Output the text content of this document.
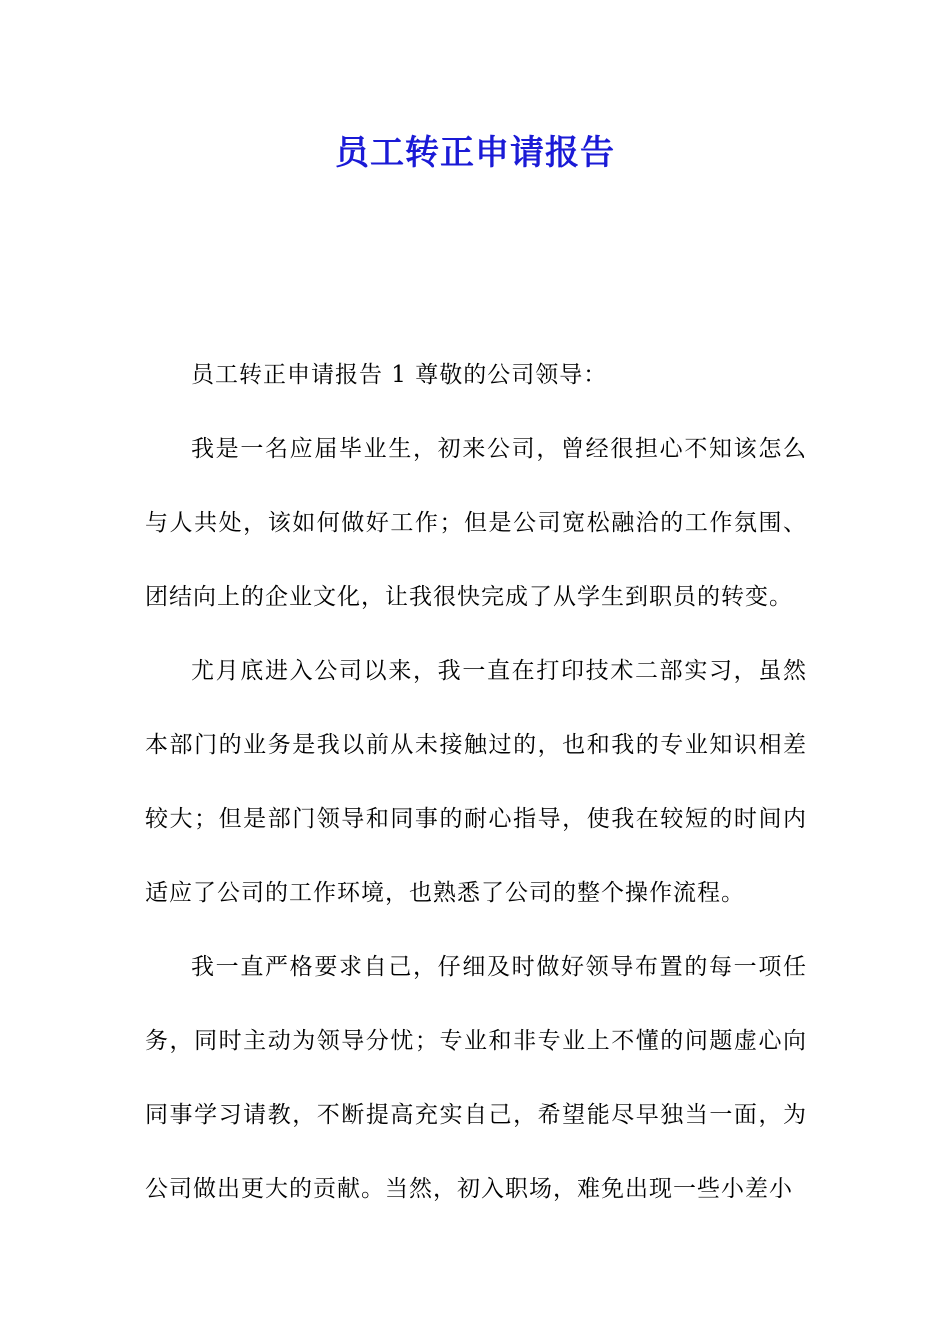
员工转正申请报告

员工转正申请报告 1 尊敬的公司领导：

我是一名应届毕业生，初来公司，曾经很担心不知该怎么与人共处，该如何做好工作；但是公司宽松融洽的工作氛围、团结向上的企业文化，让我很快完成了从学生到职员的转变。

尤月底进入公司以来，我一直在打印技术二部实习，虽然本部门的业务是我以前从未接触过的，也和我的专业知识相差较大；但是部门领导和同事的耐心指导，使我在较短的时间内适应了公司的工作环境，也熟悉了公司的整个操作流程。

我一直严格要求自己，仔细及时做好领导布置的每一项任务，同时主动为领导分忧；专业和非专业上不懂的问题虚心向同事学习请教，不断提高充实自己，希望能尽早独当一面，为公司做出更大的贡献。当然，初入职场，难免出现一些小差小
